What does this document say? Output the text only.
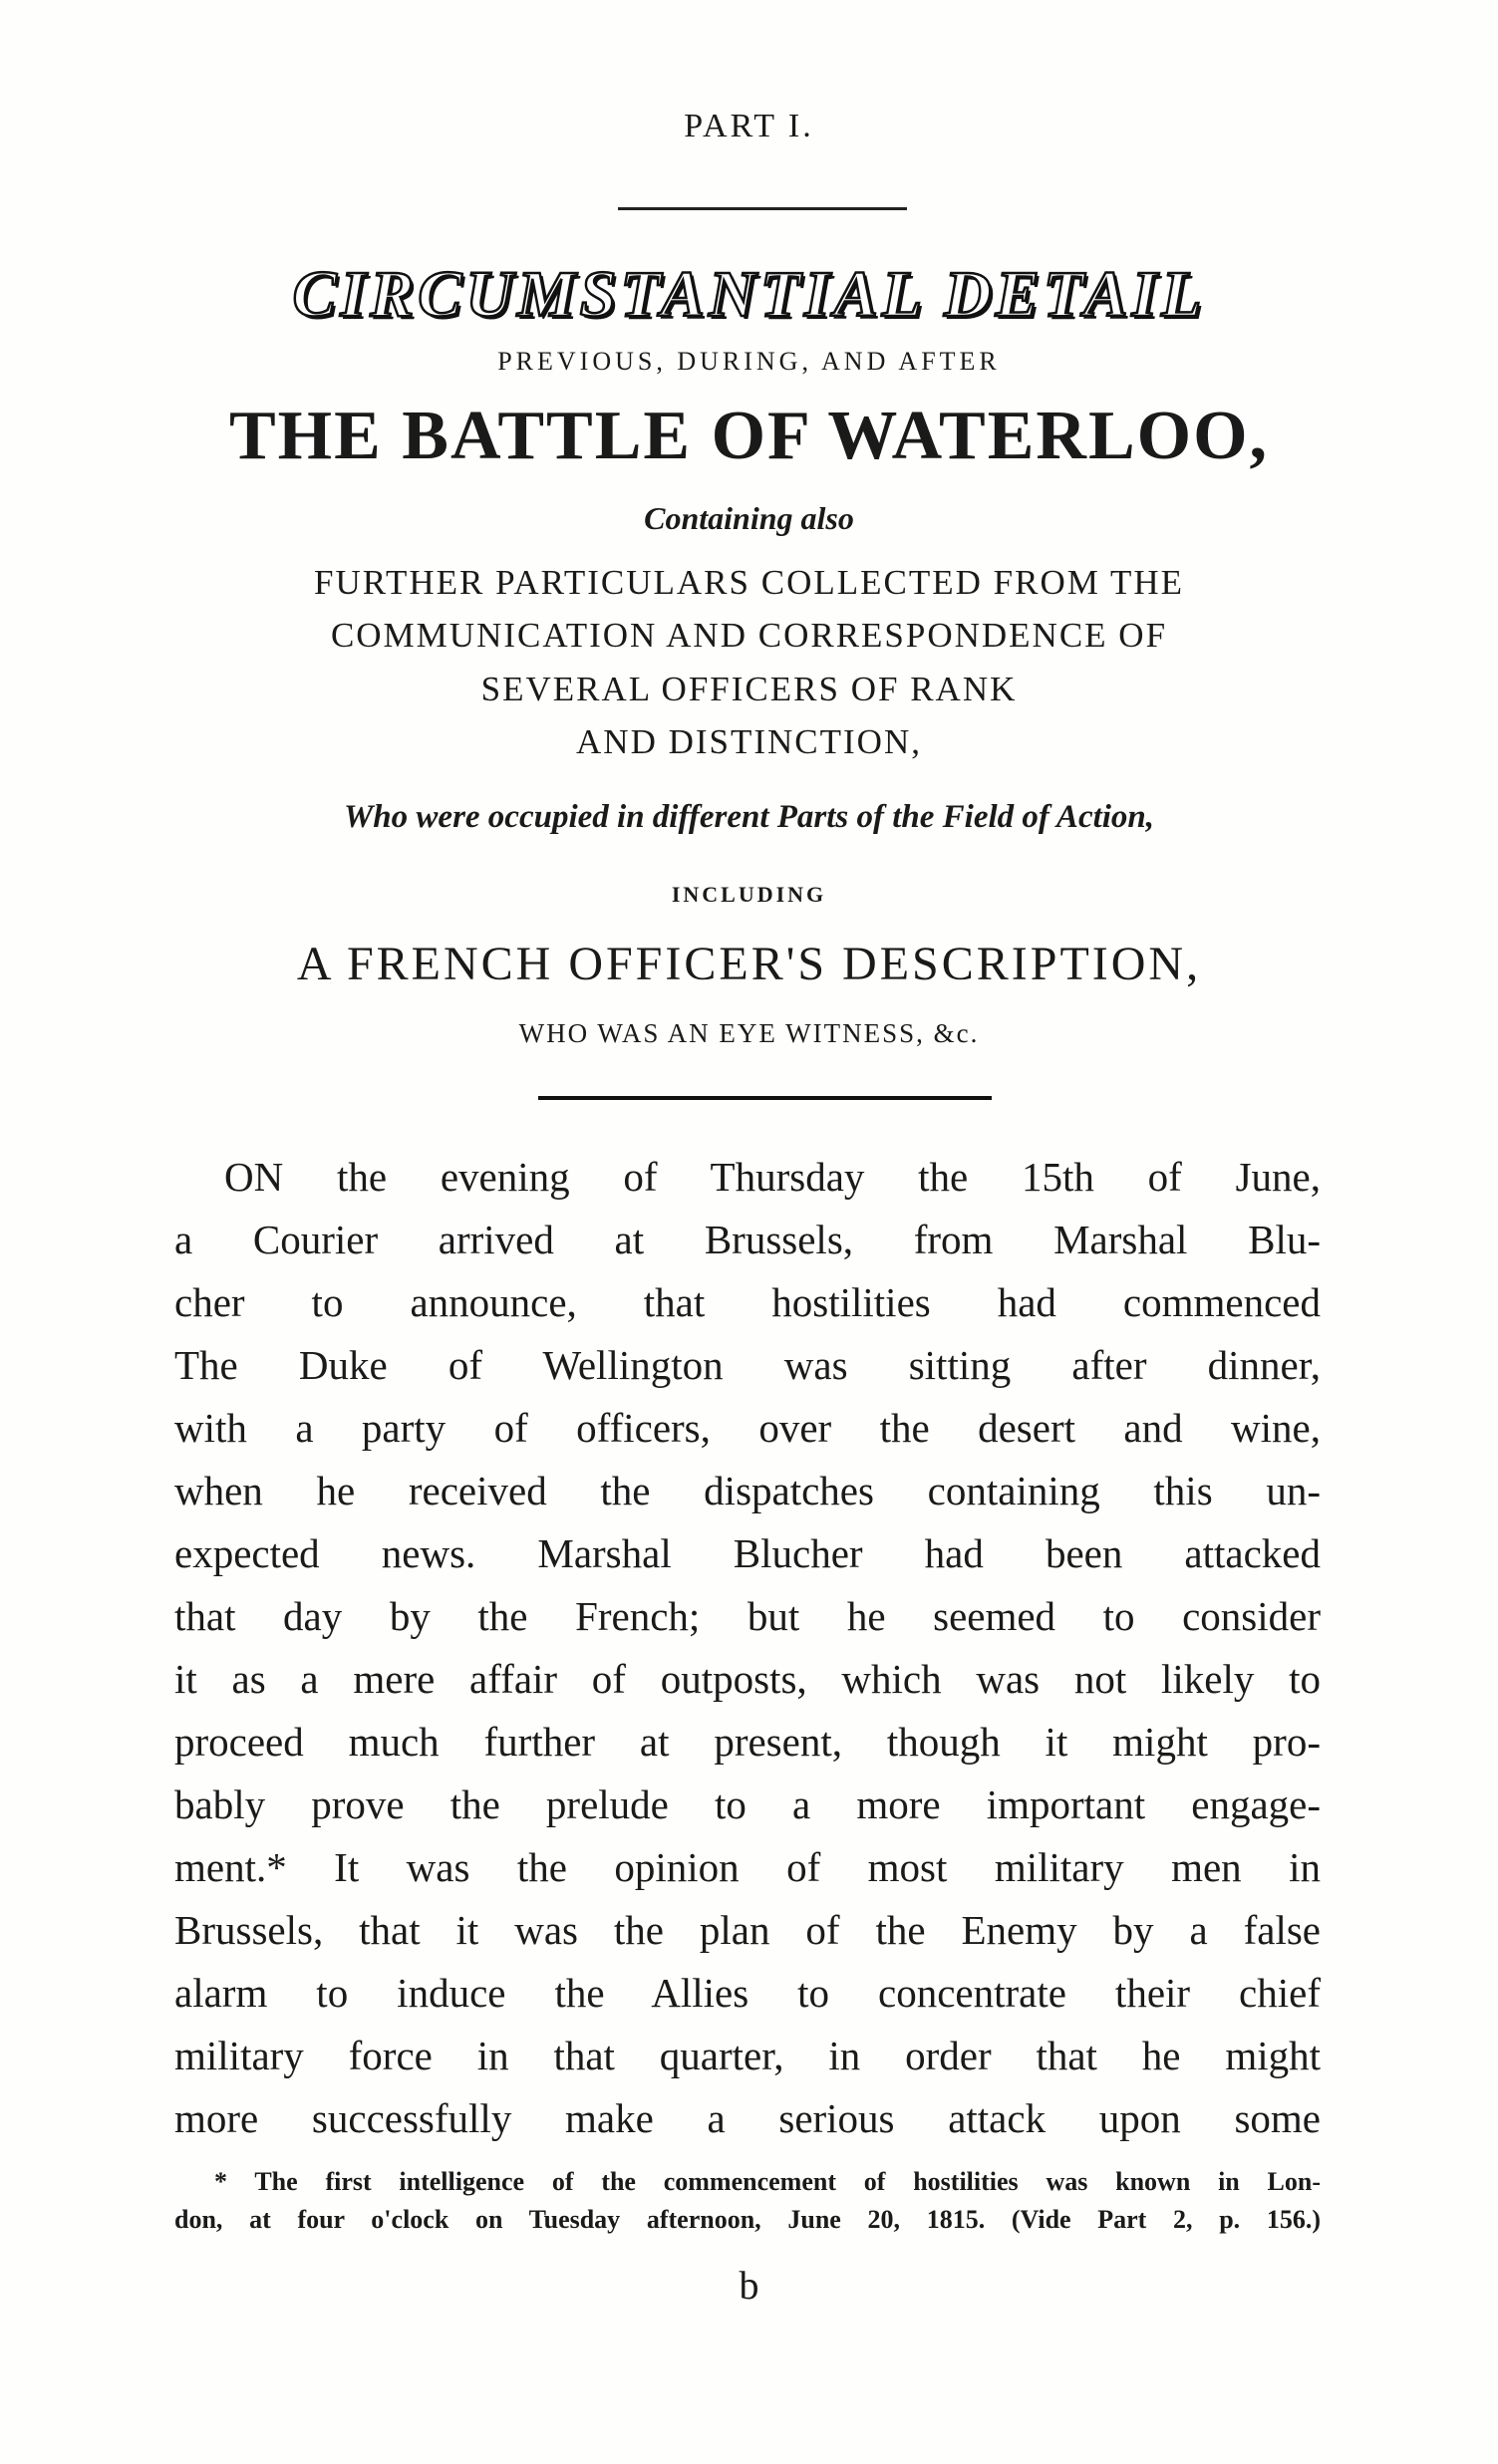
PART I.
CIRCUMSTANTIAL DETAIL
PREVIOUS, DURING, AND AFTER
THE BATTLE OF WATERLOO,
Containing also
FURTHER PARTICULARS COLLECTED FROM THE
COMMUNICATION AND CORRESPONDENCE OF
SEVERAL OFFICERS OF RANK
AND DISTINCTION,
Who were occupied in different Parts of the Field of Action,
INCLUDING
A FRENCH OFFICER'S DESCRIPTION,
WHO WAS AN EYE WITNESS, &c.
ON the evening of Thursday the 15th of June,
a Courier arrived at Brussels, from Marshal Blu-
cher to announce, that hostilities had commenced
The Duke of Wellington was sitting after dinner,
with a party of officers, over the desert and wine,
when he received the dispatches containing this un-
expected news. Marshal Blucher had been attacked
that day by the French; but he seemed to consider
it as a mere affair of outposts, which was not likely to
proceed much further at present, though it might pro-
bably prove the prelude to a more important engage-
ment.* It was the opinion of most military men in
Brussels, that it was the plan of the Enemy by a false
alarm to induce the Allies to concentrate their chief
military force in that quarter, in order that he might
more successfully make a serious attack upon some
* The first intelligence of the commencement of hostilities was known in Lon-
don, at four o'clock on Tuesday afternoon, June 20, 1815. (Vide Part 2, p. 156.)
b
